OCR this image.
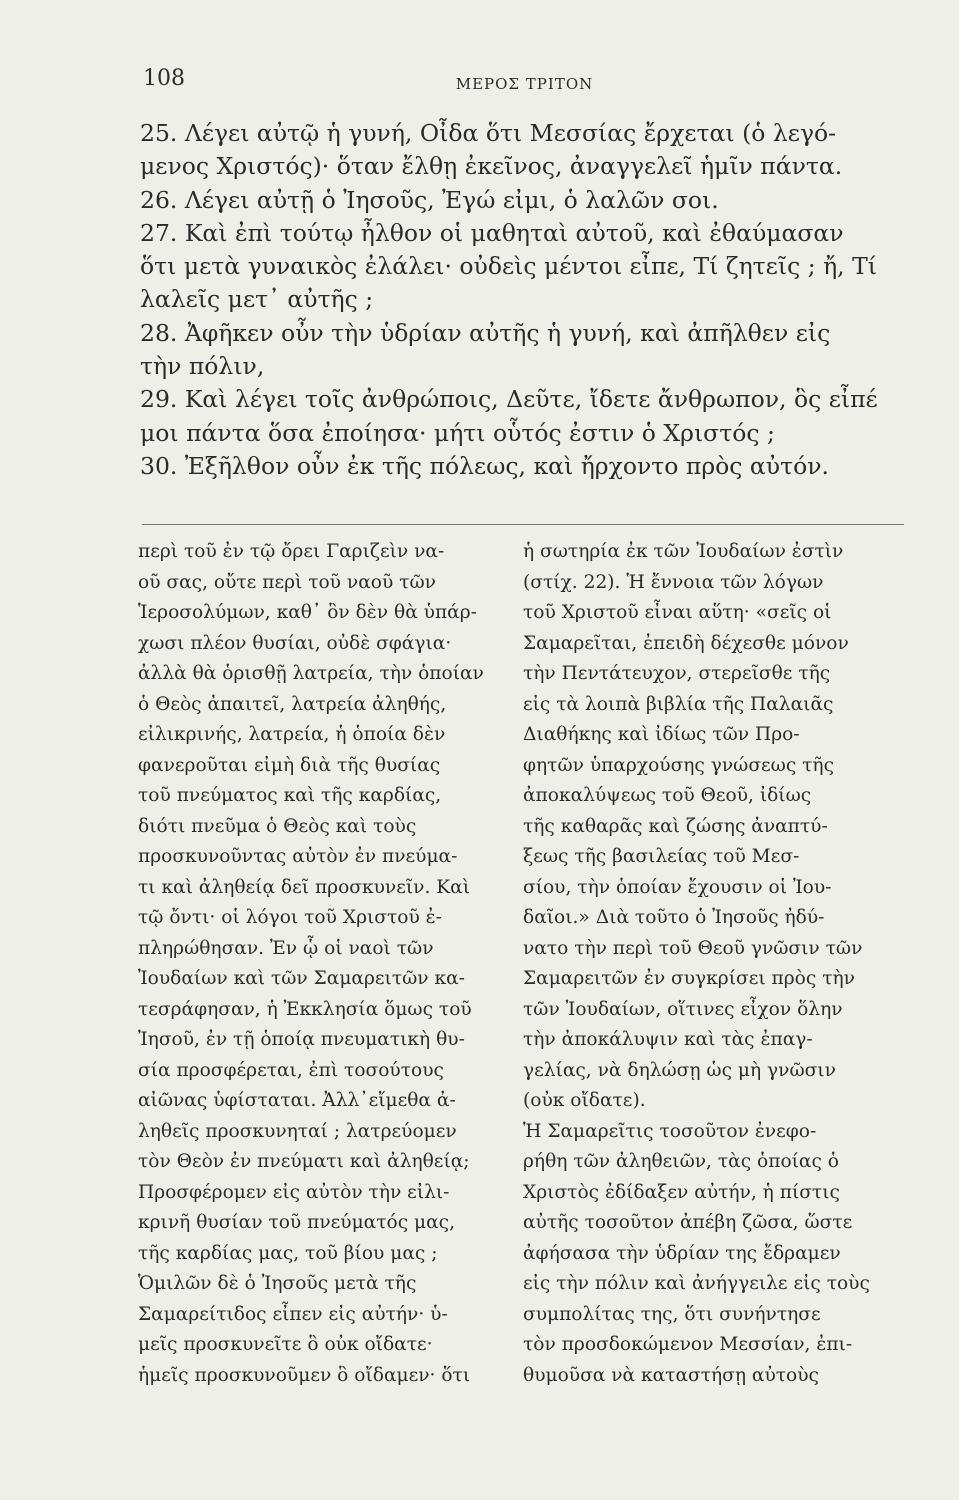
108	ΜΕΡΟΣ ΤΡΙΤΟΝ
25. Λέγει αὐτῷ ἡ γυνή, Οἶδα ὅτι Μεσσίας ἔρχεται (ὁ λεγό-
μενος Χριστός)· ὅταν ἔλθῃ ἐκεῖνος, ἀναγγελεῖ ἡμῖν πάντα.
26. Λέγει αὐτῇ ὁ Ἰησοῦς, Ἐγώ εἰμι, ὁ λαλῶν σοι.
27. Καὶ ἐπὶ τούτῳ ἦλθον οἱ μαθηταὶ αὐτοῦ, καὶ ἐθαύμασαν
ὅτι μετὰ γυναικὸς ἐλάλει· οὐδεὶς μέντοι εἶπε, Τί ζητεῖς ; ἤ, Τί
λαλεῖς μετ᾽ αὐτῆς ;
28. Ἀφῆκεν οὖν τὴν ὑδρίαν αὐτῆς ἡ γυνή, καὶ ἀπῆλθεν εἰς
τὴν πόλιν,
29. Καὶ λέγει τοῖς ἀνθρώποις, Δεῦτε, ἴδετε ἄνθρωπον, ὃς εἶπέ
μοι πάντα ὅσα ἐποίησα· μήτι οὗτός ἐστιν ὁ Χριστός ;
30. Ἐξῆλθον οὖν ἐκ τῆς πόλεως, καὶ ἤρχοντο πρὸς αὐτόν.
περὶ τοῦ ἐν τῷ ὄρει Γαριζεὶν να-
οῦ σας, οὔτε περὶ τοῦ ναοῦ τῶν
Ἱεροσολύμων, καθ᾽ ὃν δὲν θὰ ὑπάρ-
χωσι πλέον θυσίαι, οὐδὲ σφάγια·
ἀλλὰ θὰ ὁρισθῇ λατρεία, τὴν ὁποίαν
ὁ Θεὸς ἀπαιτεῖ, λατρεία ἀληθής,
εἰλικρινής, λατρεία, ἡ ὁποία δὲν
φανεροῦται εἰμὴ διὰ τῆς θυσίας
τοῦ πνεύματος καὶ τῆς καρδίας,
διότι πνεῦμα ὁ Θεὸς καὶ τοὺς
προσκυνοῦντας αὐτὸν ἐν πνεύμα-
τι καὶ ἀληθείᾳ δεῖ προσκυνεῖν. Καὶ
τῷ ὄντι· οἱ λόγοι τοῦ Χριστοῦ ἐ-
πληρώθησαν. Ἐν ᾧ οἱ ναοὶ τῶν
Ἰουδαίων καὶ τῶν Σαμαρειτῶν κα-
τεσράφησαν, ἡ Ἐκκλησία ὅμως τοῦ
Ἰησοῦ, ἐν τῇ ὁποίᾳ πνευματικὴ θυ-
σία προσφέρεται, ἐπὶ τοσούτους
αἰῶνας ὑφίσταται. Ἀλλ᾽εἴμεθα ἀ-
ληθεῖς προσκυνηταί ; λατρεύομεν
τὸν Θεὸν ἐν πνεύματι καὶ ἀληθείᾳ;
Προσφέρομεν εἰς αὐτὸν τὴν εἰλι-
κρινῆ θυσίαν τοῦ πνεύματός μας,
τῆς καρδίας μας, τοῦ βίου μας ;
Ὁμιλῶν δὲ ὁ Ἰησοῦς μετὰ τῆς
Σαμαρείτιδος εἶπεν εἰς αὐτήν· ὑ-
μεῖς προσκυνεῖτε ὃ οὐκ οἴδατε·
ἡμεῖς προσκυνοῦμεν ὃ οἴδαμεν· ὅτι
ἡ σωτηρία ἐκ τῶν Ἰουδαίων ἐστὶν
(στίχ. 22). Ἡ ἔννοια τῶν λόγων
τοῦ Χριστοῦ εἶναι αὕτη· «σεῖς οἱ
Σαμαρεῖται, ἐπειδὴ δέχεσθε μόνον
τὴν Πεντάτευχον, στερεῖσθε τῆς
εἰς τὰ λοιπὰ βιβλία τῆς Παλαιᾶς
Διαθήκης καὶ ἰδίως τῶν Προ-
φητῶν ὑπαρχούσης γνώσεως τῆς
ἀποκαλύψεως τοῦ Θεοῦ, ἰδίως
τῆς καθαρᾶς καὶ ζώσης ἀναπτύ-
ξεως τῆς βασιλείας τοῦ Μεσ-
σίου, τὴν ὁποίαν ἔχουσιν οἱ Ἰου-
δαῖοι.» Διὰ τοῦτο ὁ Ἰησοῦς ἠδύ-
νατο τὴν περὶ τοῦ Θεοῦ γνῶσιν τῶν
Σαμαρειτῶν ἐν συγκρίσει πρὸς τὴν
τῶν Ἰουδαίων, οἵτινες εἶχον ὅλην
τὴν ἀποκάλυψιν καὶ τὰς ἐπαγ-
γελίας, νὰ δηλώσῃ ὡς μὴ γνῶσιν
(οὐκ οἴδατε).
Ἡ Σαμαρεῖτις τοσοῦτον ἐνεφο-
ρήθη τῶν ἀληθειῶν, τὰς ὁποίας ὁ
Χριστὸς ἐδίδαξεν αὐτήν, ἡ πίστις
αὐτῆς τοσοῦτον ἀπέβη ζῶσα, ὥστε
ἀφήσασα τὴν ὑδρίαν της ἔδραμεν
εἰς τὴν πόλιν καὶ ἀνήγγειλε εἰς τοὺς
συμπολίτας της, ὅτι συνήντησε
τὸν προσδοκώμενον Μεσσίαν, ἐπι-
θυμοῦσα νὰ καταστήσῃ αὐτοὺς
